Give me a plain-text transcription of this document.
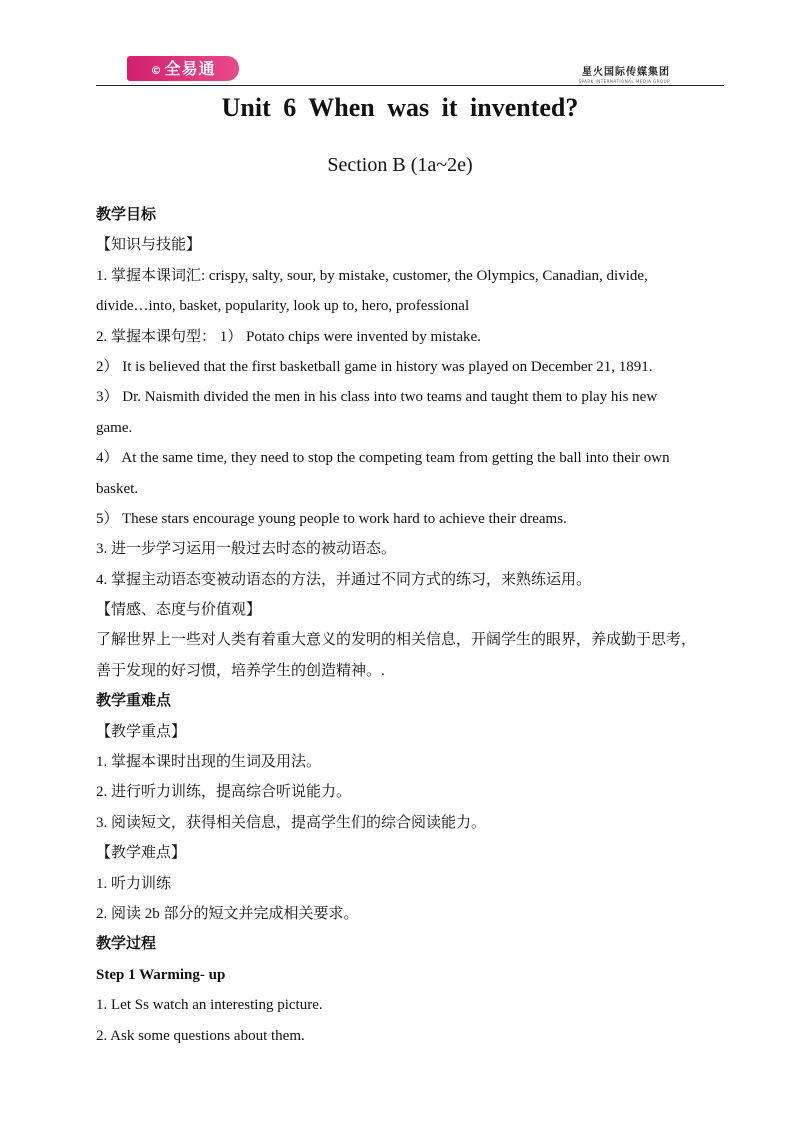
© 全易通	星火国际传媒集团
SPARK INTERNATIONAL MEDIA GROUP
Unit 6 When was it invented?
Section B (1a~2e)
教学目标
【知识与技能】
1. 掌握本课词汇: crispy, salty, sour, by mistake, customer, the Olympics, Canadian, divide,
divide…into, basket, popularity, look up to, hero, professional
2. 掌握本课句型： 1） Potato chips were invented by mistake.
2） It is believed that the first basketball game in history was played on December 21, 1891.
3） Dr. Naismith divided the men in his class into two teams and taught them to play his new
game.
4） At the same time, they need to stop the competing team from getting the ball into their own
basket.
5） These stars encourage young people to work hard to achieve their dreams.
3. 进一步学习运用一般过去时态的被动语态。
4. 掌握主动语态变被动语态的方法，并通过不同方式的练习，来熟练运用。
【情感、态度与价值观】
了解世界上一些对人类有着重大意义的发明的相关信息，开阔学生的眼界，养成勤于思考，
善于发现的好习惯，培养学生的创造精神。.
教学重难点
【教学重点】
1. 掌握本课时出现的生词及用法。
2. 进行听力训练，提高综合听说能力。
3. 阅读短文，获得相关信息，提高学生们的综合阅读能力。
【教学难点】
1. 听力训练
2. 阅读 2b 部分的短文并完成相关要求。
教学过程
Step 1 Warming- up
1. Let Ss watch an interesting picture.
2. Ask some questions about them.
